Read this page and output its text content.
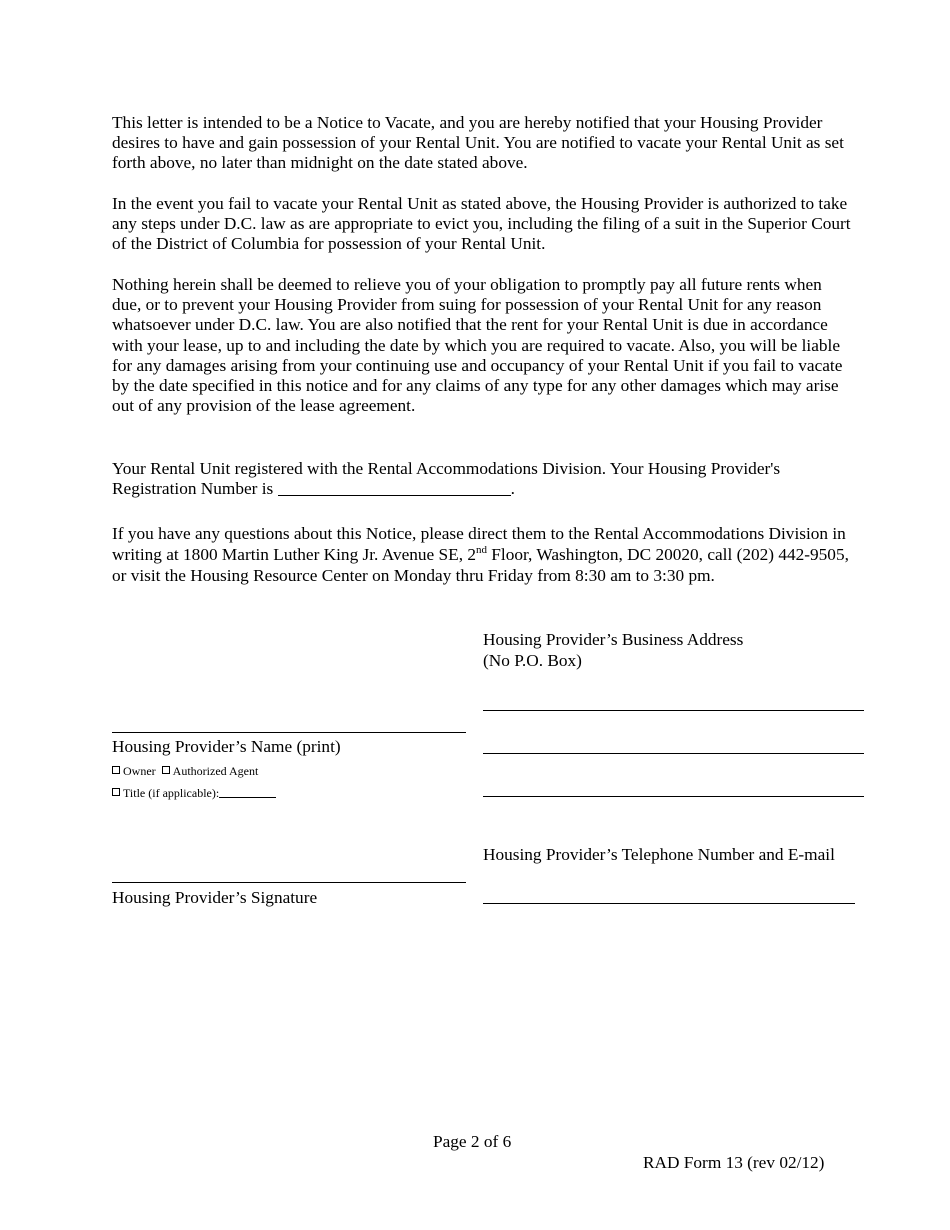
This letter is intended to be a Notice to Vacate, and you are hereby notified that your Housing Provider desires to have and gain possession of your Rental Unit. You are notified to vacate your Rental Unit as set forth above, no later than midnight on the date stated above.

In the event you fail to vacate your Rental Unit as stated above, the Housing Provider is authorized to take any steps under D.C. law as are appropriate to evict you, including the filing of a suit in the Superior Court of the District of Columbia for possession of your Rental Unit.

Nothing herein shall be deemed to relieve you of your obligation to promptly pay all future rents when due, or to prevent your Housing Provider from suing for possession of your Rental Unit for any reason whatsoever under D.C. law. You are also notified that the rent for your Rental Unit is due in accordance with your lease, up to and including the date by which you are required to vacate. Also, you will be liable for any damages arising from your continuing use and occupancy of your Rental Unit if you fail to vacate by the date specified in this notice and for any claims of any type for any other damages which may arise out of any provision of the lease agreement.

Your Rental Unit registered with the Rental Accommodations Division. Your Housing Provider's
Registration Number is	.

If you have any questions about this Notice, please direct them to the Rental Accommodations Division in writing at 1800 Martin Luther King Jr. Avenue SE, 2nd Floor, Washington, DC 20020, call (202) 442-9505, or visit the Housing Resource Center on Monday thru Friday from 8:30 am to 3:30 pm.

Housing Provider’s Business Address
(No P.O. Box)
Housing Provider’s Name (print)
Owner Authorized Agent
Title (if applicable):
Housing Provider’s Telephone Number and E-mail
Housing Provider’s Signature
Page 2 of 6
RAD Form 13 (rev 02/12)
